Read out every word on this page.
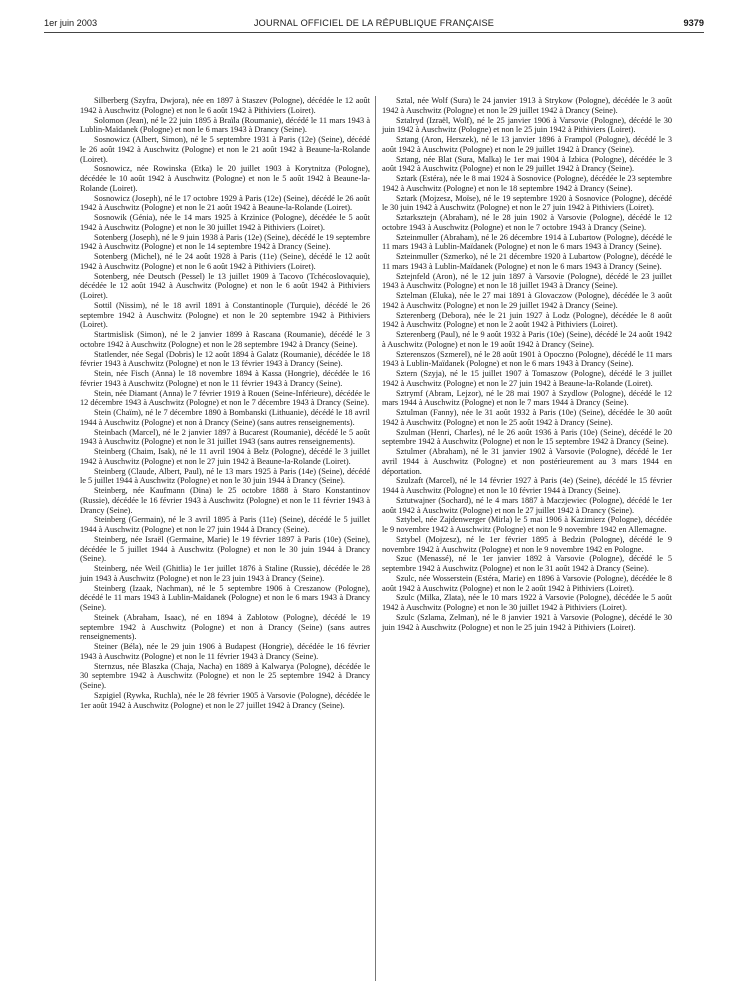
1er juin 2003	JOURNAL OFFICIEL DE LA RÉPUBLIQUE FRANÇAISE	9379

Silberberg (Szyfra, Dwjora), née en 1897 à Staszev (Pologne), décédée le 12 août 1942 à Auschwitz (Pologne) et non le 6 août 1942 à Pithiviers (Loiret).

Solomon (Jean), né le 22 juin 1895 à Braïla (Roumanie), décédé le 11 mars 1943 à Lublin-Maïdanek (Pologne) et non le 6 mars 1943 à Drancy (Seine).

Sosnowicz (Albert, Simon), né le 5 septembre 1931 à Paris (12e) (Seine), décédé le 26 août 1942 à Auschwitz (Pologne) et non le 21 août 1942 à Beaune-la-Rolande (Loiret).

Sosnowicz, née Rowinska (Etka) le 20 juillet 1903 à Korytnitza (Pologne), décédée le 10 août 1942 à Auschwitz (Pologne) et non le 5 août 1942 à Beaune-la-Rolande (Loiret).

Sosnowicz (Joseph), né le 17 octobre 1929 à Paris (12e) (Seine), décédé le 26 août 1942 à Auschwitz (Pologne) et non le 21 août 1942 à Beaune-la-Rolande (Loiret).

Sosnowik (Génia), née le 14 mars 1925 à Krzinice (Pologne), décédée le 5 août 1942 à Auschwitz (Pologne) et non le 30 juillet 1942 à Pithiviers (Loiret).

Sotenberg (Joseph), né le 9 juin 1938 à Paris (12e) (Seine), décédé le 19 septembre 1942 à Auschwitz (Pologne) et non le 14 septembre 1942 à Drancy (Seine).

Sotenberg (Michel), né le 24 août 1928 à Paris (11e) (Seine), décédé le 12 août 1942 à Auschwitz (Pologne) et non le 6 août 1942 à Pithiviers (Loiret).

Sotenberg, née Deutsch (Pessel) le 13 juillet 1909 à Tacovo (Tchécoslovaquie), décédée le 12 août 1942 à Auschwitz (Pologne) et non le 6 août 1942 à Pithiviers (Loiret).

Sottil (Nissim), né le 18 avril 1891 à Constantinople (Turquie), décédé le 26 septembre 1942 à Auschwitz (Pologne) et non le 20 septembre 1942 à Pithiviers (Loiret).

Startmislisk (Simon), né le 2 janvier 1899 à Rascana (Roumanie), décédé le 3 octobre 1942 à Auschwitz (Pologne) et non le 28 septembre 1942 à Drancy (Seine).

Statlender, née Segal (Dobris) le 12 août 1894 à Galatz (Roumanie), décédée le 18 février 1943 à Auschwitz (Pologne) et non le 13 février 1943 à Drancy (Seine).

Stein, née Fisch (Anna) le 18 novembre 1894 à Kassa (Hongrie), décédée le 16 février 1943 à Auschwitz (Pologne) et non le 11 février 1943 à Drancy (Seine).

Stein, née Diamant (Anna) le 7 février 1919 à Rouen (Seine-Inférieure), décédée le 12 décembre 1943 à Auschwitz (Pologne) et non le 7 décembre 1943 à Drancy (Seine).

Stein (Chaïm), né le 7 décembre 1890 à Bombanski (Lithuanie), décédé le 18 avril 1944 à Auschwitz (Pologne) et non à Drancy (Seine) (sans autres renseignements).

Steinbach (Marcel), né le 2 janvier 1897 à Bucarest (Roumanie), décédé le 5 août 1943 à Auschwitz (Pologne) et non le 31 juillet 1943 (sans autres renseignements).

Steinberg (Chaim, Isak), né le 11 avril 1904 à Belz (Pologne), décédé le 3 juillet 1942 à Auschwitz (Pologne) et non le 27 juin 1942 à Beaune-la-Rolande (Loiret).

Steinberg (Claude, Albert, Paul), né le 13 mars 1925 à Paris (14e) (Seine), décédé le 5 juillet 1944 à Auschwitz (Pologne) et non le 30 juin 1944 à Drancy (Seine).

Steinberg, née Kaufmann (Dina) le 25 octobre 1888 à Staro Konstantinov (Russie), décédée le 16 février 1943 à Auschwitz (Pologne) et non le 11 février 1943 à Drancy (Seine).

Steinberg (Germain), né le 3 avril 1895 à Paris (11e) (Seine), décédé le 5 juillet 1944 à Auschwitz (Pologne) et non le 27 juin 1944 à Drancy (Seine).

Steinberg, née Israël (Germaine, Marie) le 19 février 1897 à Paris (10e) (Seine), décédée le 5 juillet 1944 à Auschwitz (Pologne) et non le 30 juin 1944 à Drancy (Seine).

Steinberg, née Weil (Ghitlia) le 1er juillet 1876 à Staline (Russie), décédée le 28 juin 1943 à Auschwitz (Pologne) et non le 23 juin 1943 à Drancy (Seine).

Steinberg (Izaak, Nachman), né le 5 septembre 1906 à Creszanow (Pologne), décédé le 11 mars 1943 à Lublin-Maïdanek (Pologne) et non le 6 mars 1943 à Drancy (Seine).

Steinek (Abraham, Isaac), né en 1894 à Zablotow (Pologne), décédé le 19 septembre 1942 à Auschwitz (Pologne) et non à Drancy (Seine) (sans autres renseignements).

Steiner (Béla), née le 29 juin 1906 à Budapest (Hongrie), décédée le 16 février 1943 à Auschwitz (Pologne) et non le 11 février 1943 à Drancy (Seine).

Sternzus, née Blaszka (Chaja, Nacha) en 1889 à Kalwarya (Pologne), décédée le 30 septembre 1942 à Auschwitz (Pologne) et non le 25 septembre 1942 à Drancy (Seine).

Szpigiel (Rywka, Ruchla), née le 28 février 1905 à Varsovie (Pologne), décédée le 1er août 1942 à Auschwitz (Pologne) et non le 27 juillet 1942 à Drancy (Seine).

Sztal, née Wolf (Sura) le 24 janvier 1913 à Strykow (Pologne), décédée le 3 août 1942 à Auschwitz (Pologne) et non le 29 juillet 1942 à Drancy (Seine).

Sztalryd (Izraël, Wolf), né le 25 janvier 1906 à Varsovie (Pologne), décédé le 30 juin 1942 à Auschwitz (Pologne) et non le 25 juin 1942 à Pithiviers (Loiret).

Sztang (Aron, Herszek), né le 13 janvier 1896 à Frampol (Pologne), décédé le 3 août 1942 à Auschwitz (Pologne) et non le 29 juillet 1942 à Drancy (Seine).

Sztang, née Blat (Sura, Malka) le 1er mai 1904 à Izbica (Pologne), décédée le 3 août 1942 à Auschwitz (Pologne) et non le 29 juillet 1942 à Drancy (Seine).

Sztark (Estéra), née le 8 mai 1924 à Sosnovice (Pologne), décédée le 23 septembre 1942 à Auschwitz (Pologne) et non le 18 septembre 1942 à Drancy (Seine).

Sztark (Mojzesz, Moïse), né le 19 septembre 1920 à Sosnovice (Pologne), décédé le 30 juin 1942 à Auschwitz (Pologne) et non le 27 juin 1942 à Pithiviers (Loiret).

Sztarksztejn (Abraham), né le 28 juin 1902 à Varsovie (Pologne), décédé le 12 octobre 1943 à Auschwitz (Pologne) et non le 7 octobre 1943 à Drancy (Seine).

Szteinmuller (Abraham), né le 26 décembre 1914 à Lubartow (Pologne), décédé le 11 mars 1943 à Lublin-Maïdanek (Pologne) et non le 6 mars 1943 à Drancy (Seine).

Szteinmuller (Szmerko), né le 21 décembre 1920 à Lubartow (Pologne), décédé le 11 mars 1943 à Lublin-Maïdanek (Pologne) et non le 6 mars 1943 à Drancy (Seine).

Sztejnfeld (Aron), né le 12 juin 1897 à Varsovie (Pologne), décédé le 23 juillet 1943 à Auschwitz (Pologne) et non le 18 juillet 1943 à Drancy (Seine).

Sztelman (Eluka), née le 27 mai 1891 à Glovaczow (Pologne), décédée le 3 août 1942 à Auschwitz (Pologne) et non le 29 juillet 1942 à Drancy (Seine).

Szterenberg (Debora), née le 21 juin 1927 à Lodz (Pologne), décédée le 8 août 1942 à Auschwitz (Pologne) et non le 2 août 1942 à Pithiviers (Loiret).

Szterenberg (Paul), né le 9 août 1932 à Paris (10e) (Seine), décédé le 24 août 1942 à Auschwitz (Pologne) et non le 19 août 1942 à Drancy (Seine).

Szterenszos (Szmerel), né le 28 août 1901 à Opoczno (Pologne), décédé le 11 mars 1943 à Lublin-Maïdanek (Pologne) et non le 6 mars 1943 à Drancy (Seine).

Sztern (Szyja), né le 15 juillet 1907 à Tomaszow (Pologne), décédé le 3 juillet 1942 à Auschwitz (Pologne) et non le 27 juin 1942 à Beaune-la-Rolande (Loiret).

Sztrymf (Abram, Lejzor), né le 28 mai 1907 à Szydlow (Pologne), décédé le 12 mars 1944 à Auschwitz (Pologne) et non le 7 mars 1944 à Drancy (Seine).

Sztulman (Fanny), née le 31 août 1932 à Paris (10e) (Seine), décédée le 30 août 1942 à Auschwitz (Pologne) et non le 25 août 1942 à Drancy (Seine).

Szulman (Henri, Charles), né le 26 août 1936 à Paris (10e) (Seine), décédé le 20 septembre 1942 à Auschwitz (Pologne) et non le 15 septembre 1942 à Drancy (Seine).

Sztulmer (Abraham), né le 31 janvier 1902 à Varsovie (Pologne), décédé le 1er avril 1944 à Auschwitz (Pologne) et non postérieurement au 3 mars 1944 en déportation.

Szulzaft (Marcel), né le 14 février 1927 à Paris (4e) (Seine), décédé le 15 février 1944 à Auschwitz (Pologne) et non le 10 février 1944 à Drancy (Seine).

Sztutwajner (Sochard), né le 4 mars 1887 à Maczjewiec (Pologne), décédé le 1er août 1942 à Auschwitz (Pologne) et non le 27 juillet 1942 à Drancy (Seine).

Sztybel, née Zajdenwerger (Mirla) le 5 mai 1906 à Kazimierz (Pologne), décédée le 9 novembre 1942 à Auschwitz (Pologne) et non le 9 novembre 1942 en Allemagne.

Sztybel (Mojzesz), né le 1er février 1895 à Bedzin (Pologne), décédé le 9 novembre 1942 à Auschwitz (Pologne) et non le 9 novembre 1942 en Pologne.

Szuc (Menassé), né le 1er janvier 1892 à Varsovie (Pologne), décédé le 5 septembre 1942 à Auschwitz (Pologne) et non le 31 août 1942 à Drancy (Seine).

Szulc, née Wosserstein (Estéra, Marie) en 1896 à Varsovie (Pologne), décédée le 8 août 1942 à Auschwitz (Pologne) et non le 2 août 1942 à Pithiviers (Loiret).

Szulc (Milka, Zlata), née le 10 mars 1922 à Varsovie (Pologne), décédée le 5 août 1942 à Auschwitz (Pologne) et non le 30 juillet 1942 à Pithiviers (Loiret).

Szulc (Szlama, Zelman), né le 8 janvier 1921 à Varsovie (Pologne), décédé le 30 juin 1942 à Auschwitz (Pologne) et non le 25 juin 1942 à Pithiviers (Loiret).
